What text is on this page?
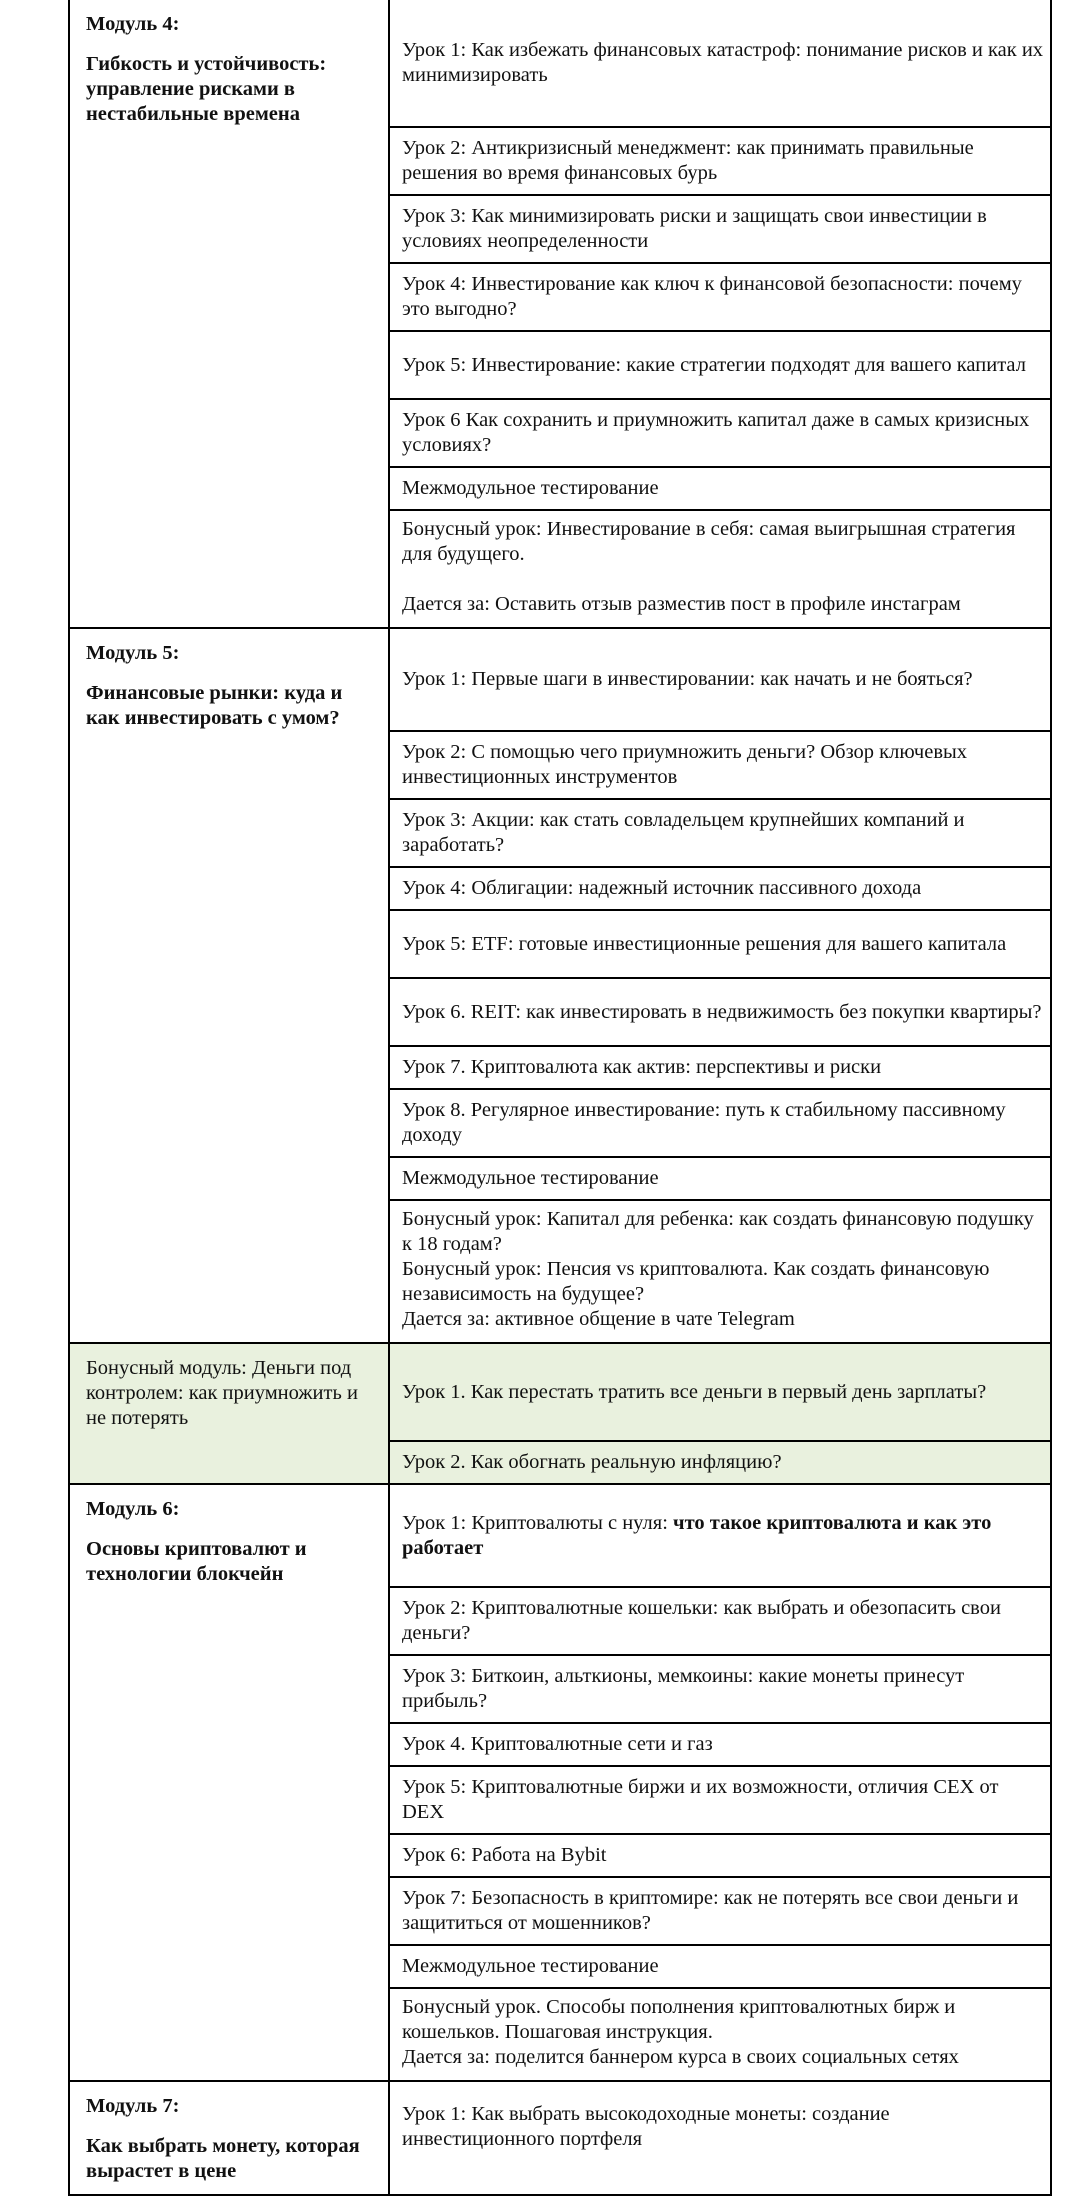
Модуль 4:
Гибкость и устойчивость: управление рисками в нестабильные времена	Урок 1: Как избежать финансовых катастроф: понимание рисков и как их минимизировать

	Урок 2: Антикризисный менеджмент: как принимать правильные решения во время финансовых бурь

	Урок 3: Как минимизировать риски и защищать свои инвестиции в условиях неопределенности

	Урок 4: Инвестирование как ключ к финансовой безопасности: почему это выгодно?

	Урок 5: Инвестирование: какие стратегии подходят для вашего капитал

	Урок 6 Как сохранить и приумножить капитал даже в самых кризисных условиях?

	Межмодульное тестирование

	Бонусный урок: Инвестирование в себя: самая выигрышная стратегия для будущего.
Дается за: Оставить отзыв разместив пост в профиле инстаграм

Модуль 5:
Финансовые рынки: куда и как инвестировать с умом?	Урок 1: Первые шаги в инвестировании: как начать и не бояться?

	Урок 2: С помощью чего приумножить деньги? Обзор ключевых инвестиционных инструментов

	Урок 3: Акции: как стать совладельцем крупнейших компаний и заработать?

	Урок 4: Облигации: надежный источник пассивного дохода

	Урок 5: ETF: готовые инвестиционные решения для вашего капитала

	Урок 6. REIT: как инвестировать в недвижимость без покупки квартиры?

	Урок 7. Криптовалюта как актив: перспективы и риски

	Урок 8. Регулярное инвестирование: путь к стабильному пассивному доходу

	Межмодульное тестирование

	Бонусный урок: Капитал для ребенка: как создать финансовую подушку к 18 годам?
Бонусный урок: Пенсия vs криптовалюта. Как создать финансовую независимость на будущее?
Дается за: активное общение в чате Telegram

Бонусный модуль: Деньги под контролем: как приумножить и не потерять	Урок 1. Как перестать тратить все деньги в первый день зарплаты?

	Урок 2. Как обогнать реальную инфляцию?

Модуль 6:
Основы криптовалют и технологии блокчейн	Урок 1: Криптовалюты с нуля: что такое криптовалюта и как это работает

	Урок 2: Криптовалютные кошельки: как выбрать и обезопасить свои деньги?

	Урок 3: Биткоин, альткионы, мемкоины: какие монеты принесут прибыль?

	Урок 4. Криптовалютные сети и газ

	Урок 5: Криптовалютные биржи и их возможности, отличия CEX от DEX

	Урок 6: Работа на Bybit

	Урок 7: Безопасность в криптомире: как не потерять все свои деньги и защититься от мошенников?

	Межмодульное тестирование

	Бонусный урок. Способы пополнения криптовалютных бирж и кошельков. Пошаговая инструкция.
Дается за: поделится баннером курса в своих социальных сетях

Модуль 7:
Как выбрать монету, которая вырастет в цене	Урок 1: Как выбрать высокодоходные монеты: создание инвестиционного портфеля
